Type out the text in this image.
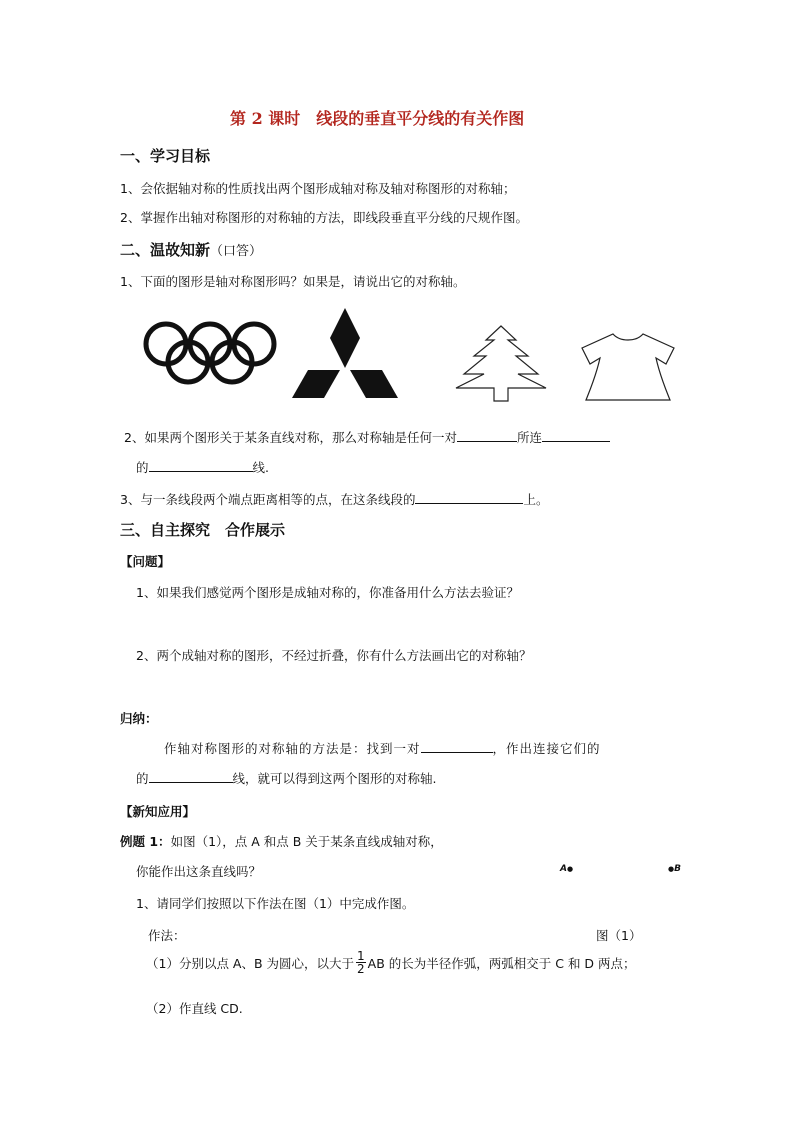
第 2 课时　线段的垂直平分线的有关作图
一、学习目标
1、会依据轴对称的性质找出两个图形成轴对称及轴对称图形的对称轴；
2、掌握作出轴对称图形的对称轴的方法，即线段垂直平分线的尺规作图。
二、温故知新（口答）
1、下面的图形是轴对称图形吗？如果是，请说出它的对称轴。
2、如果两个图形关于某条直线对称，那么对称轴是任何一对	所连
的	线.
3、与一条线段两个端点距离相等的点，在这条线段的	上。
三、自主探究　合作展示
【问题】
1、如果我们感觉两个图形是成轴对称的，你准备用什么方法去验证？
2、两个成轴对称的图形，不经过折叠，你有什么方法画出它的对称轴？
归纳：
作轴对称图形的对称轴的方法是：找到一对	，作出连接它们的
的	线，就可以得到这两个图形的对称轴.
【新知应用】
例题 1：如图（1），点 A 和点 B 关于某条直线成轴对称，
你能作出这条直线吗？	A●	●B
1、请同学们按照以下作法在图（1）中完成作图。
作法：	图（1）
（1）分别以点 A、B 为圆心，以大于 $\frac{1}{2}$ AB 的长为半径作弧，两弧相交于 C 和 D 两点；
（2）作直线 CD.
